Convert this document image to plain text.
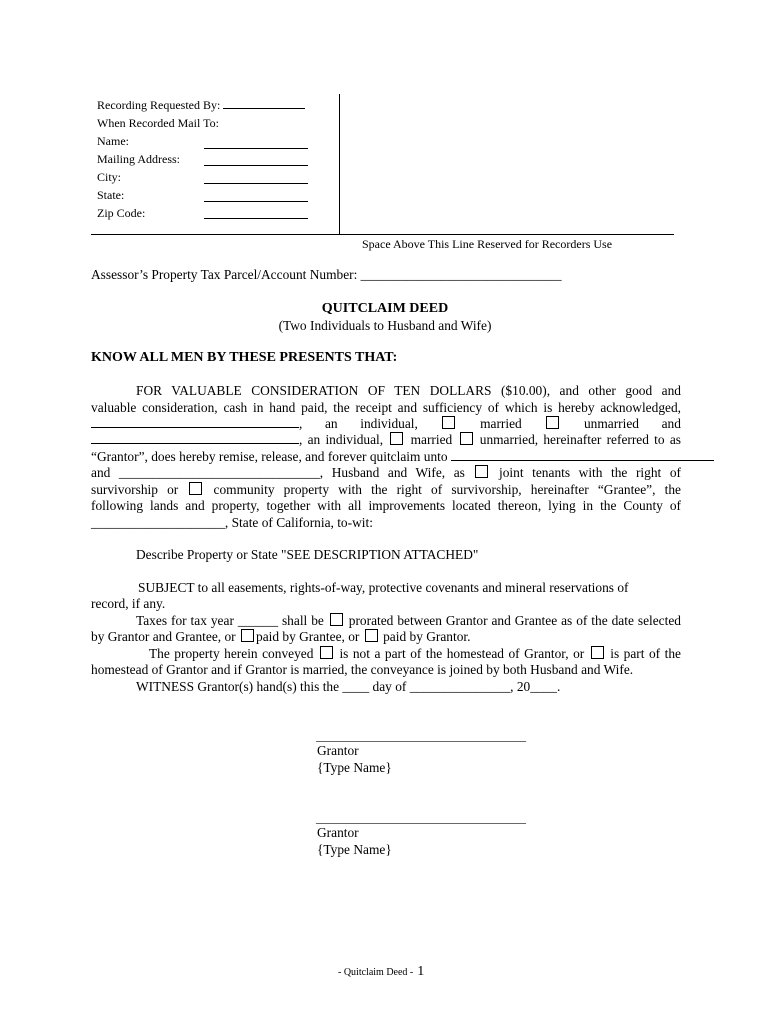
Recording Requested By:
When Recorded Mail To:
Name:
Mailing Address:
City:
State:
Zip Code:
Space Above This Line Reserved for Recorders Use
Assessor’s Property Tax Parcel/Account Number: ______________________________
QUITCLAIM DEED
(Two Individuals to Husband and Wife)
KNOW ALL MEN BY THESE PRESENTS THAT:
FOR VALUABLE CONSIDERATION OF TEN DOLLARS ($10.00), and other good and
valuable consideration, cash in hand paid, the receipt and sufficiency of which is hereby acknowledged,
, an individual,	married	unmarried and
, an individual, married unmarried, hereinafter referred to as
“Grantor”, does hereby remise, release, and forever quitclaim unto
and ______________________________, Husband and Wife, as	joint tenants with the right of
survivorship or	community property with the right of survivorship, hereinafter “Grantee”, the
following lands and property, together with all improvements located thereon, lying in the County of
____________________, State of California, to-wit:
Describe Property or State "SEE DESCRIPTION ATTACHED"
SUBJECT to all easements, rights-of-way, protective covenants and mineral reservations of
record, if any.
Taxes for tax year ______ shall be prorated between Grantor and Grantee as of the date selected
by Grantor and Grantee, or paid by Grantee, or paid by Grantor.
The property herein conveyed is not a part of the homestead of Grantor, or is part of the
homestead of Grantor and if Grantor is married, the conveyance is joined by both Husband and Wife.
WITNESS Grantor(s) hand(s) this the ____ day of _______________, 20____.
___________________________________
Grantor
{Type Name}
___________________________________
Grantor
{Type Name}
- Quitclaim Deed - 1
